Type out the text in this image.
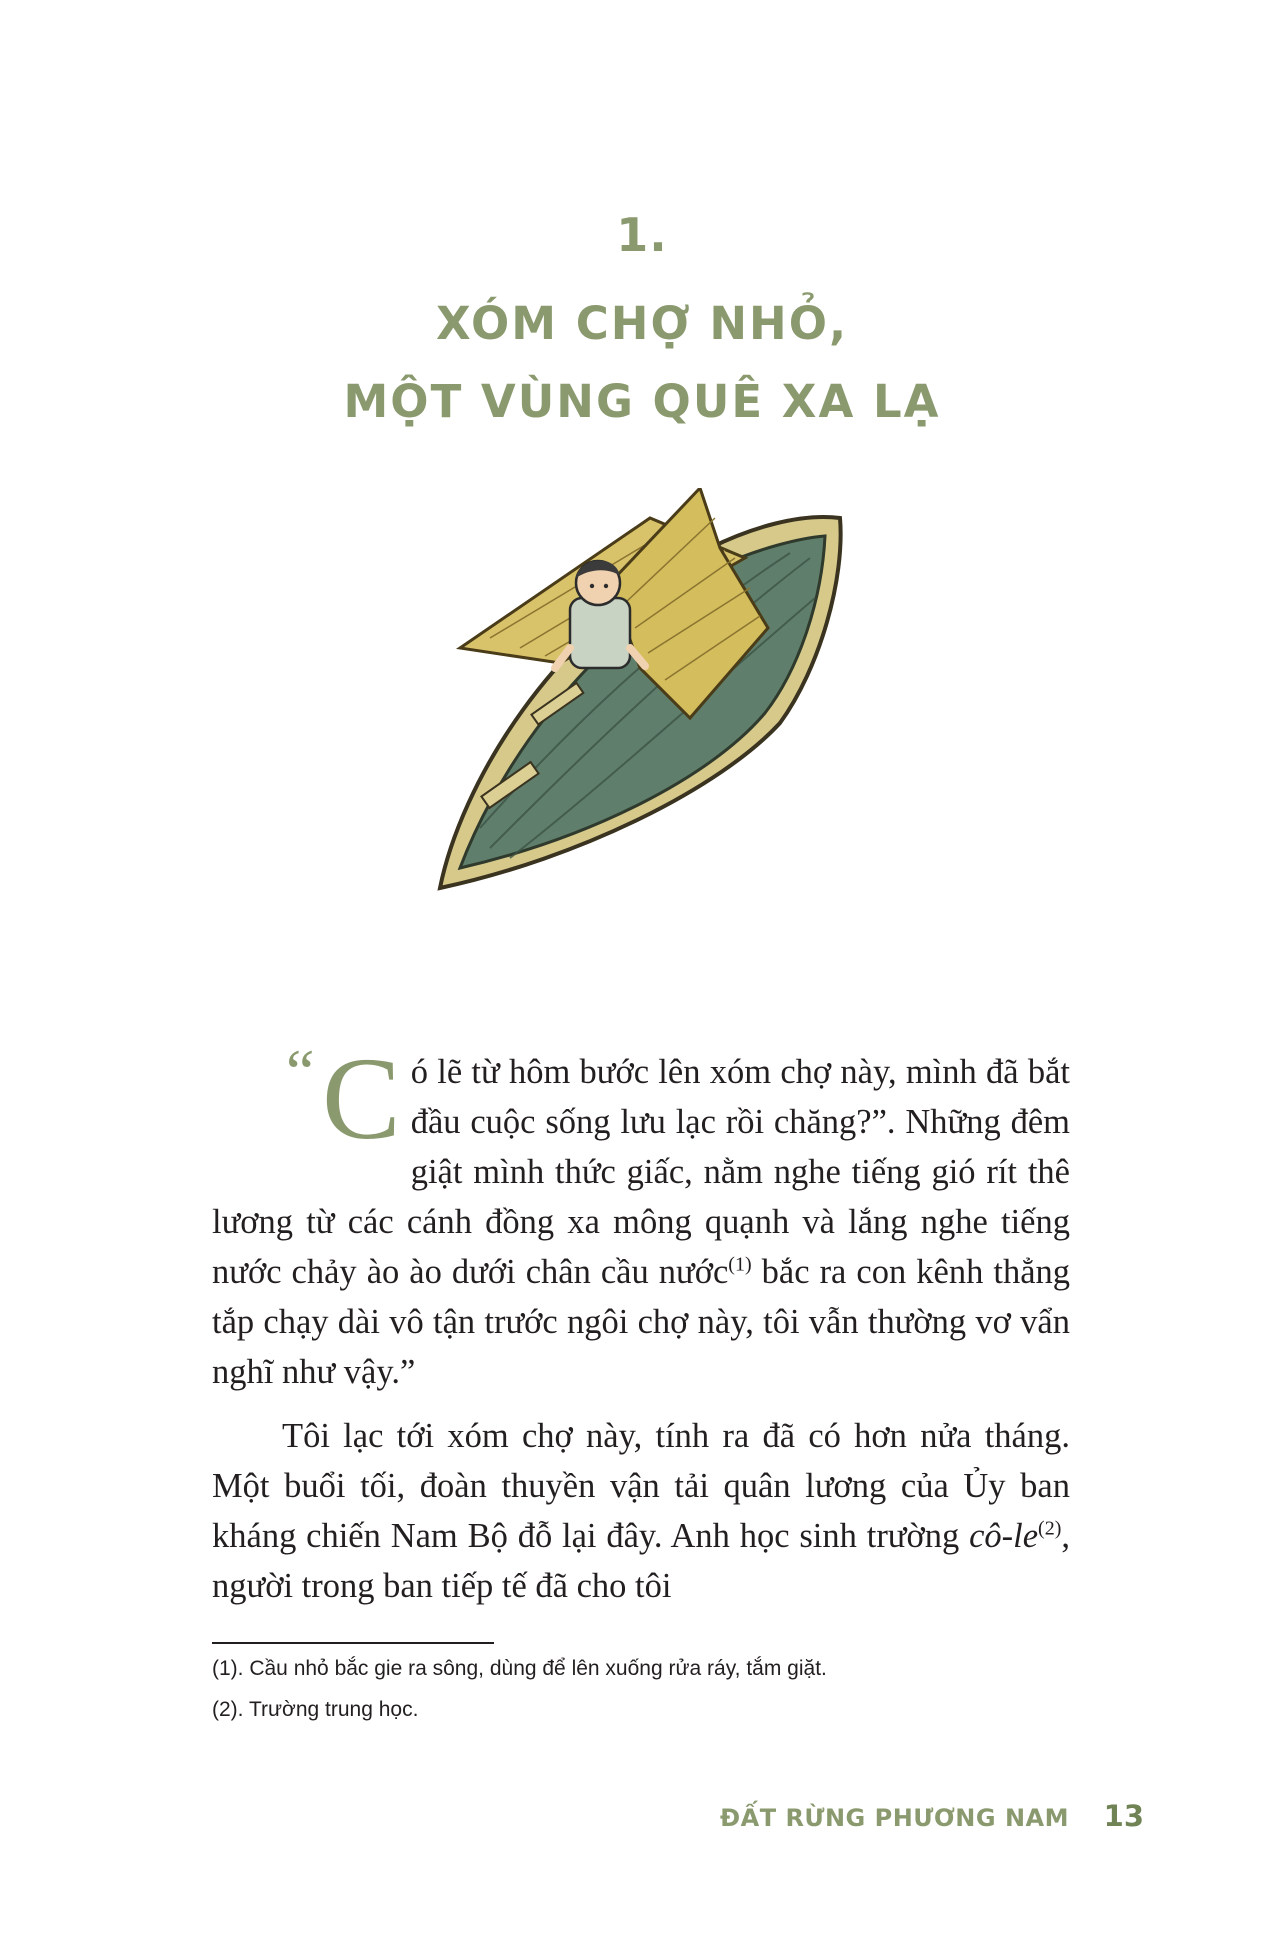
1.
XÓM CHỢ NHỎ,
MỘT VÙNG QUÊ XA LẠ
“ Có lẽ từ hôm bước lên xóm chợ này, mình đã bắt đầu cuộc sống lưu lạc rồi chăng?”. Những đêm giật mình thức giấc, nằm nghe tiếng gió rít thê lương từ các cánh đồng xa mông quạnh và lắng nghe tiếng nước chảy ào ào dưới chân cầu nước$^{(1)}$ bắc ra con kênh thẳng tắp chạy dài vô tận trước ngôi chợ này, tôi vẫn thường vơ vẩn nghĩ như vậy.”

Tôi lạc tới xóm chợ này, tính ra đã có hơn nửa tháng. Một buổi tối, đoàn thuyền vận tải quân lương của Ủy ban kháng chiến Nam Bộ đỗ lại đây. Anh học sinh trường $cô-le^{(2)}$, người trong ban tiếp tế đã cho tôi

(1). Cầu nhỏ bắc gie ra sông, dùng để lên xuống rửa ráy, tắm giặt.
(2). Trường trung học.
ĐẤT RỪNG PHƯƠNG NAM 13
